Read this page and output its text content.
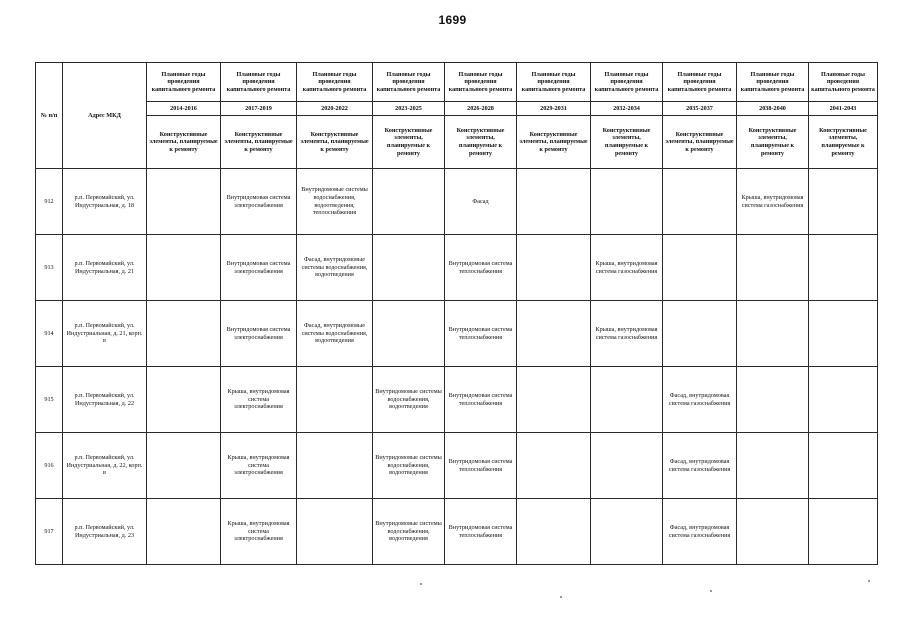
1699
№ п/п	Адрес МКД	Плановые годы проведения капитального ремонта	Плановые годы проведения капитального ремонта	Плановые годы проведения капитального ремонта	Плановые годы проведения капитального ремонта	Плановые годы проведения капитального ремонта	Плановые годы проведения капитального ремонта	Плановые годы проведения капитального ремонта	Плановые годы проведения капитального ремонта	Плановые годы проведения капитального ремонта	Плановые годы проведения капитального ремонта
		2014-2016	2017-2019	2020-2022	2023-2025	2026-2028	2029-2031	2032-2034	2035-2037	2038-2040	2041-2043
		Конструктивные элементы, планируемые к ремонту	Конструктивные элементы, планируемые к ремонту	Конструктивные элементы, планируемые к ремонту	Конструктивные элементы, планируемые к ремонту	Конструктивные элементы, планируемые к ремонту	Конструктивные элементы, планируемые к ремонту	Конструктивные элементы, планируемые к ремонту	Конструктивные элементы, планируемые к ремонту	Конструктивные элементы, планируемые к ремонту	Конструктивные элементы, планируемые к ремонту
912	р.п. Первомайский, ул. Индустриальная, д. 18		Внутридомовая система электроснабжения	Внутридомовые системы водоснабжения, водоотведения, теплоснабжения		Фасад				Крыша, внутридомовая система газоснабжения	
913	р.п. Первомайский, ул. Индустриальная, д. 21		Внутридомовая система электроснабжения	Фасад, внутридомовые системы водоснабжения, водоотведения		Внутридомовая система теплоснабжения		Крыша, внутридомовая система газоснабжения			
914	р.п. Первомайский, ул. Индустриальная, д. 21, корп. в		Внутридомовая система электроснабжения	Фасад, внутридомовые системы водоснабжения, водоотведения		Внутридомовая система теплоснабжения		Крыша, внутридомовая система газоснабжения			
915	р.п. Первомайский, ул. Индустриальная, д. 22		Крыша, внутридомовая система электроснабжения		Внутридомовые системы водоснабжения, водоотведения	Внутридомовая система теплоснабжения			Фасад, внутридомовая система газоснабжения		
916	р.п. Первомайский, ул. Индустриальная, д. 22, корп. в		Крыша, внутридомовая система электроснабжения		Внутридомовые системы водоснабжения, водоотведения	Внутридомовая система теплоснабжения			Фасад, внутридомовая система газоснабжения		
917	р.п. Первомайский, ул. Индустриальная, д. 23		Крыша, внутридомовая система электроснабжения		Внутридомовые системы водоснабжения, водоотведения	Внутридомовая система теплоснабжения			Фасад, внутридомовая система газоснабжения		
